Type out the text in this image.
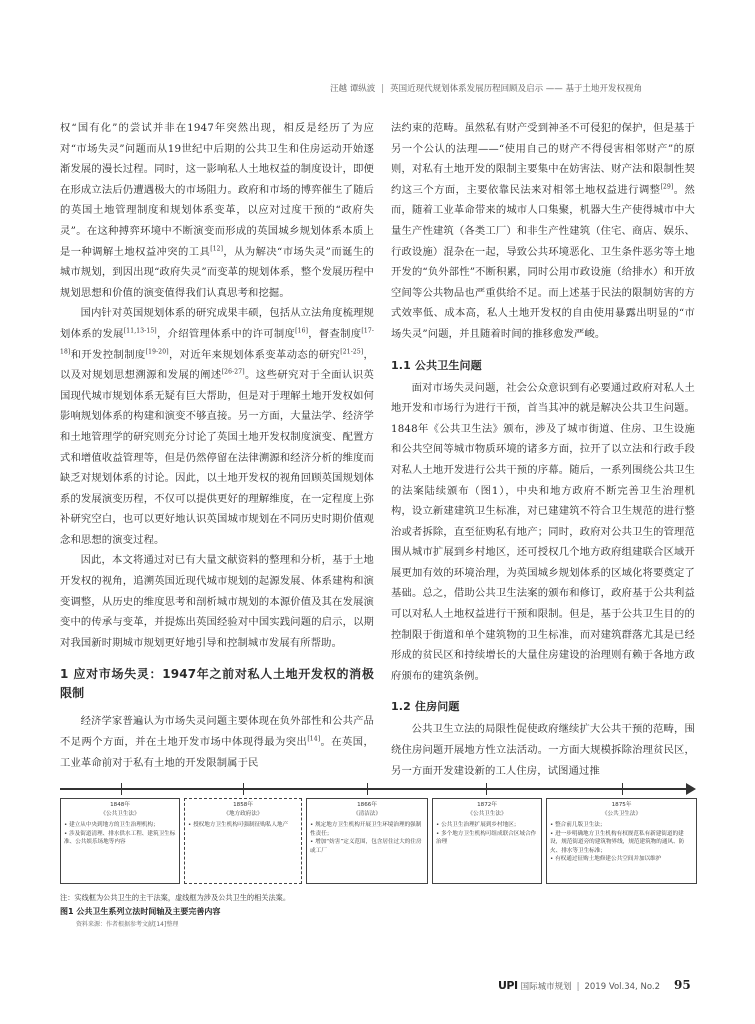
汪越 谭纵波 | 英国近现代规划体系发展历程回顾及启示 —— 基于土地开发权视角

权“国有化”的尝试并非在1947年突然出现，相反是经历了为应对“市场失灵”问题而从19世纪中后期的公共卫生和住房运动开始逐渐发展的漫长过程。同时，这一影响私人土地权益的制度设计，即便在形成立法后仍遭遇极大的市场阻力。政府和市场的博弈催生了随后的英国土地管理制度和规划体系变革，以应对过度干预的“政府失灵”。在这种搏弈环境中不断演变而形成的英国城乡规划体系本质上是一种调解土地权益冲突的工具[12]，从为解决“市场失灵”而诞生的城市规划，到因出现“政府失灵”而变革的规划体系，整个发展历程中规划思想和价值的演变值得我们认真思考和挖掘。

国内针对英国规划体系的研究成果丰硕，包括从立法角度梳理规划体系的发展[11,13-15]，介绍管理体系中的许可制度[16]，督查制度[17-18]和开发控制制度[19-20]，对近年来规划体系变革动态的研究[21-25]，以及对规划思想溯源和发展的阐述[26-27]。这些研究对于全面认识英国现代城市规划体系无疑有巨大帮助，但是对于理解土地开发权如何影响规划体系的构建和演变不够直接。另一方面，大量法学、经济学和土地管理学的研究则充分讨论了英国土地开发权制度演变、配置方式和增值收益管理等，但是仍然停留在法律溯源和经济分析的维度而缺乏对规划体系的讨论。因此，以土地开发权的视角回顾英国规划体系的发展演变历程，不仅可以提供更好的理解维度，在一定程度上弥补研究空白，也可以更好地认识英国城市规划在不同历史时期价值观念和思想的演变过程。

因此，本文将通过对已有大量文献资料的整理和分析，基于土地开发权的视角，追溯英国近现代城市规划的起源发展、体系建构和演变调整，从历史的维度思考和剖析城市规划的本源价值及其在发展演变中的传承与变革，并提炼出英国经验对中国实践问题的启示，以期对我国新时期城市规划更好地引导和控制城市发展有所帮助。

1 应对市场失灵：1947年之前对私人土地开发权的消极限制

经济学家普遍认为市场失灵问题主要体现在负外部性和公共产品不足两个方面，并在土地开发市场中体现得最为突出[14]。在英国，工业革命前对于私有土地的开发限制属于民

法约束的范畴。虽然私有财产受到神圣不可侵犯的保护，但是基于另一个公认的法理——“使用自己的财产不得侵害相邻财产”的原则，对私有土地开发的限制主要集中在妨害法、财产法和限制性契约这三个方面，主要依靠民法来对相邻土地权益进行调整[29]。然而，随着工业革命带来的城市人口集聚，机器大生产使得城市中大量生产性建筑（各类工厂）和非生产性建筑（住宅、商店、娱乐、行政设施）混杂在一起，导致公共环境恶化、卫生条件恶劣等土地开发的“负外部性”不断积累，同时公用市政设施（给排水）和开放空间等公共物品也严重供给不足。而上述基于民法的限制妨害的方式效率低、成本高，私人土地开发权的自由使用暴露出明显的“市场失灵”问题，并且随着时间的推移愈发严峻。

1.1 公共卫生问题

面对市场失灵问题，社会公众意识到有必要通过政府对私人土地开发和市场行为进行干预，首当其冲的就是解决公共卫生问题。1848年《公共卫生法》颁布，涉及了城市街道、住房、卫生设施和公共空间等城市物质环境的诸多方面，拉开了以立法和行政手段对私人土地开发进行公共干预的序幕。随后，一系列围绕公共卫生的法案陆续颁布（图1），中央和地方政府不断完善卫生治理机构，设立新建建筑卫生标准，对已建建筑不符合卫生规范的进行整治或者拆除，直至征购私有地产；同时，政府对公共卫生的管理范围从城市扩展到乡村地区，还可授权几个地方政府组建联合区域开展更加有效的环境治理，为英国城乡规划体系的区域化将要奠定了基础。总之，借助公共卫生法案的颁布和修订，政府基于公共利益可以对私人土地权益进行干预和限制。但是，基于公共卫生目的的控制限于街道和单个建筑物的卫生标准，而对建筑群落尤其是已经形成的贫民区和持续增长的大量住房建设的治理则有赖于各地方政府颁布的建筑条例。

1.2 住房问题

公共卫生立法的局限性促使政府继续扩大公共干预的范畴，围绕住房问题开展地方性立法活动。一方面大规模拆除治理贫民区，另一方面开发建设新的工人住房，试图通过推

1848年
《公共卫生法》
• 建立从中央到地方的卫生治理机构；
• 涉及街道清理、排水供水工程、建筑卫生标准、公共娱乐场地等内容
1858年
《地方政府法》
• 授权地方卫生机构可强制征购私人地产
1866年
《清洁法》
• 规定地方卫生机构开展卫生环境治理的强制性责任；
• 增加“妨害”定义范围，包含居住过大的住房或工厂
1872年
《公共卫生法》
• 公共卫生治理扩展到乡村地区；
• 多个地方卫生机构可组成联合区域合作治理
1875年
《公共卫生法》
• 整合前几版卫生法；
• 进一步明确地方卫生机构有权规范私有新建街道的建设，规范街道旁的建筑物界线，规范建筑物的通风、防火、排水等卫生标准；
• 有权通过征购土地修建公共空间并加以维护
注：实线框为公共卫生的主干法案，虚线框为涉及公共卫生的相关法案。
图1 公共卫生系列立法时间轴及主要完善内容
资料来源：作者根据参考文献[14]整理
UPI 国际城市规划 | 2019 Vol.34, No.2 95
